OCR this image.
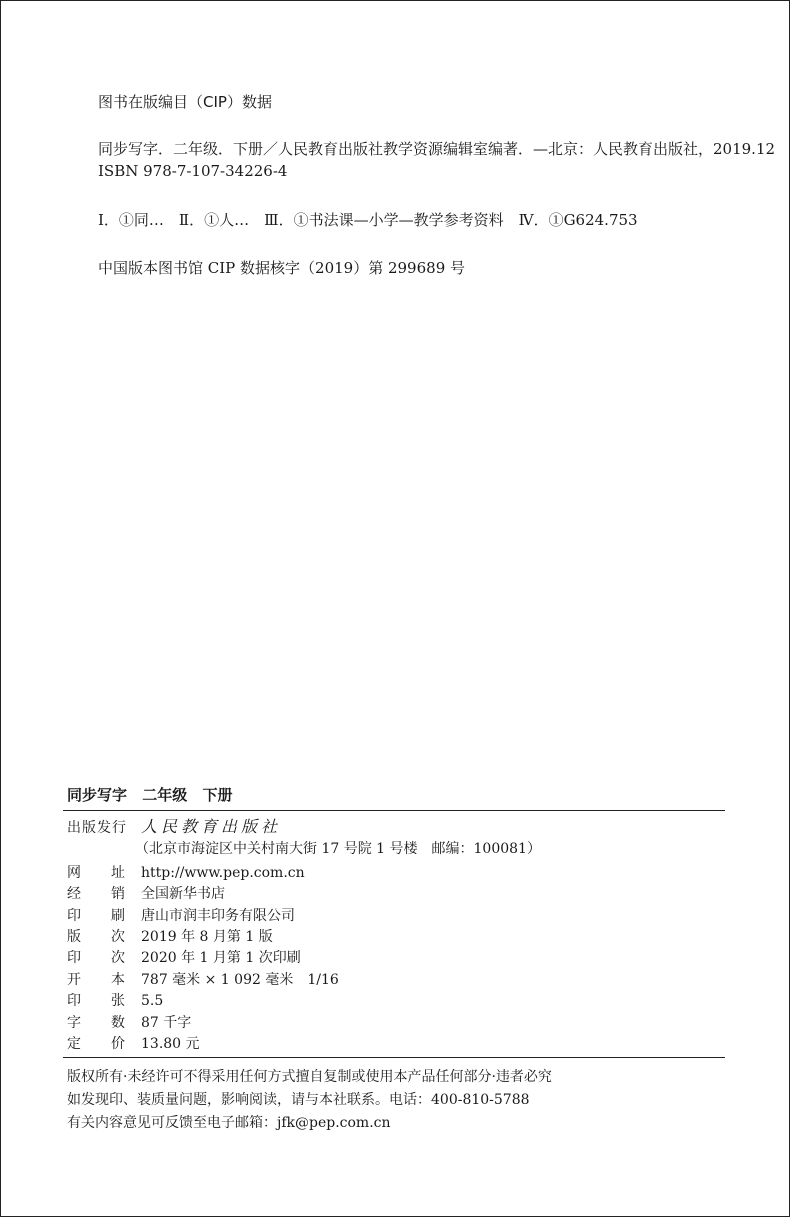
图书在版编目（CIP）数据
同步写字．二年级．下册／人民教育出版社教学资源编辑室编著．—北京：人民教育出版社，2019.12
ISBN 978-7-107-34226-4
Ⅰ．①同…　Ⅱ．①人…　Ⅲ．①书法课—小学—教学参考资料　Ⅳ．①G624.753
中国版本图书馆 CIP 数据核字（2019）第 299689 号
同步写字 二年级 下册
出 版 发 行 人民教育出版社
（北京市海淀区中关村南大街 17 号院 1 号楼　邮编：100081）
网 址 http://www.pep.com.cn
经 销 全国新华书店
印 刷 唐山市润丰印务有限公司
版 次 2019 年 8 月第 1 版
印 次 2020 年 1 月第 1 次印刷
开 本 787 毫米 × 1 092 毫米　1/16
印 张 5.5
字 数 87 千字
定 价 13.80 元
版权所有·未经许可不得采用任何方式擅自复制或使用本产品任何部分·违者必究
如发现印、装质量问题，影响阅读，请与本社联系。电话：400-810-5788
有关内容意见可反馈至电子邮箱：jfk@pep.com.cn
